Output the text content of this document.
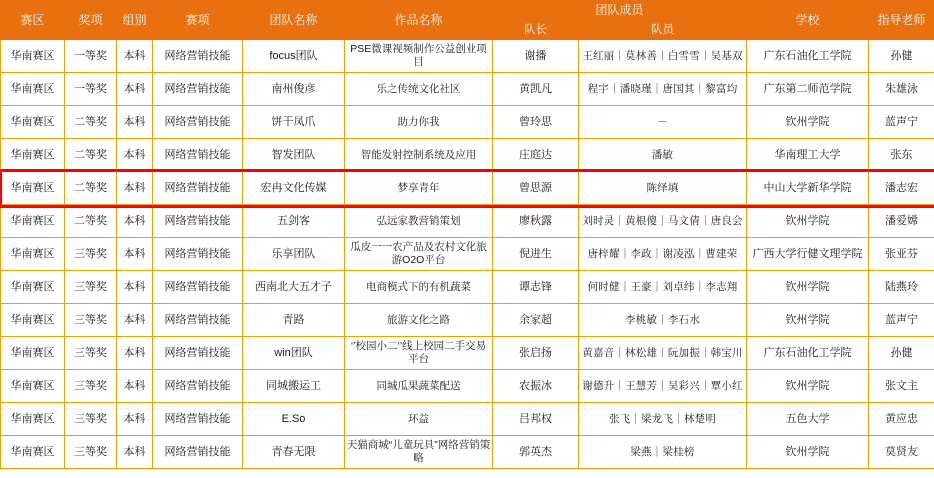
赛区	奖项	组别	赛项	团队名称	作品名称	团队成员		学校	指导老师
						队长	队员		
华南赛区	一等奖	本科	网络营销技能	focus团队	PSE微课视频制作公益创业项目	谢播	王红丽｜莫林善｜白雪雪｜吴基双	广东石油化工学院	孙健
华南赛区	一等奖	本科	网络营销技能	南州俊彦	乐之传统文化社区	黄凯凡	程宇｜潘晓瑾｜唐国其｜黎富均	广东第二师范学院	朱雄泳
华南赛区	二等奖	本科	网络营销技能	饼干凤爪	助力你我	曾玲思	－	钦州学院	蓝声宁
华南赛区	二等奖	本科	网络营销技能	智发团队	智能发射控制系统及应用	庄庭达	潘敏	华南理工大学	张东
华南赛区	二等奖	本科	网络营销技能	宏冉文化传媒	梦享青年	曾思源	陈绎填	中山大学新华学院	潘志宏
华南赛区	二等奖	本科	网络营销技能	五剑客	弘远家教营销策划	廖秋露	刘时灵｜黄根傻｜马文倩｜唐良会	钦州学院	潘爱嫦
华南赛区	三等奖	本科	网络营销技能	乐享团队	瓜皮一一农产品及农村文化旅游O2O平台	倪进生	唐梓耀｜李政｜谢凌泓｜曹建荣	广西大学行健文理学院	张亚芬
华南赛区	三等奖	本科	网络营销技能	西南北大五才子	电商模式下的有机蔬菜	谭志锋	何时健｜王豪｜刘卓纬｜李志翔	钦州学院	陆燕玲
华南赛区	三等奖	本科	网络营销技能	青路	旅游文化之路	余家超	李桃敏｜李石水	钦州学院	蓝声宁
华南赛区	三等奖	本科	网络营销技能	win团队	‘’校园小二‘’线上校园二手交易平台	张启扬	黄嘉音｜林松雄｜阮加振｜韩宝川	广东石油化工学院	孙健
华南赛区	三等奖	本科	网络营销技能	同城搬运工	同城瓜果蔬菜配送	农振冰	谢德升｜王慧芳｜吴彩兴｜覃小红	钦州学院	张文主
华南赛区	三等奖	本科	网络营销技能	E.So	环益	吕邦权	张飞｜梁龙飞｜林楚明	五色大学	黄应忠
华南赛区	三等奖	本科	网络营销技能	青春无限	天猫商城“儿童玩具”网络营销策略	郭英杰	梁燕｜梁桂榜	钦州学院	莫贤友
